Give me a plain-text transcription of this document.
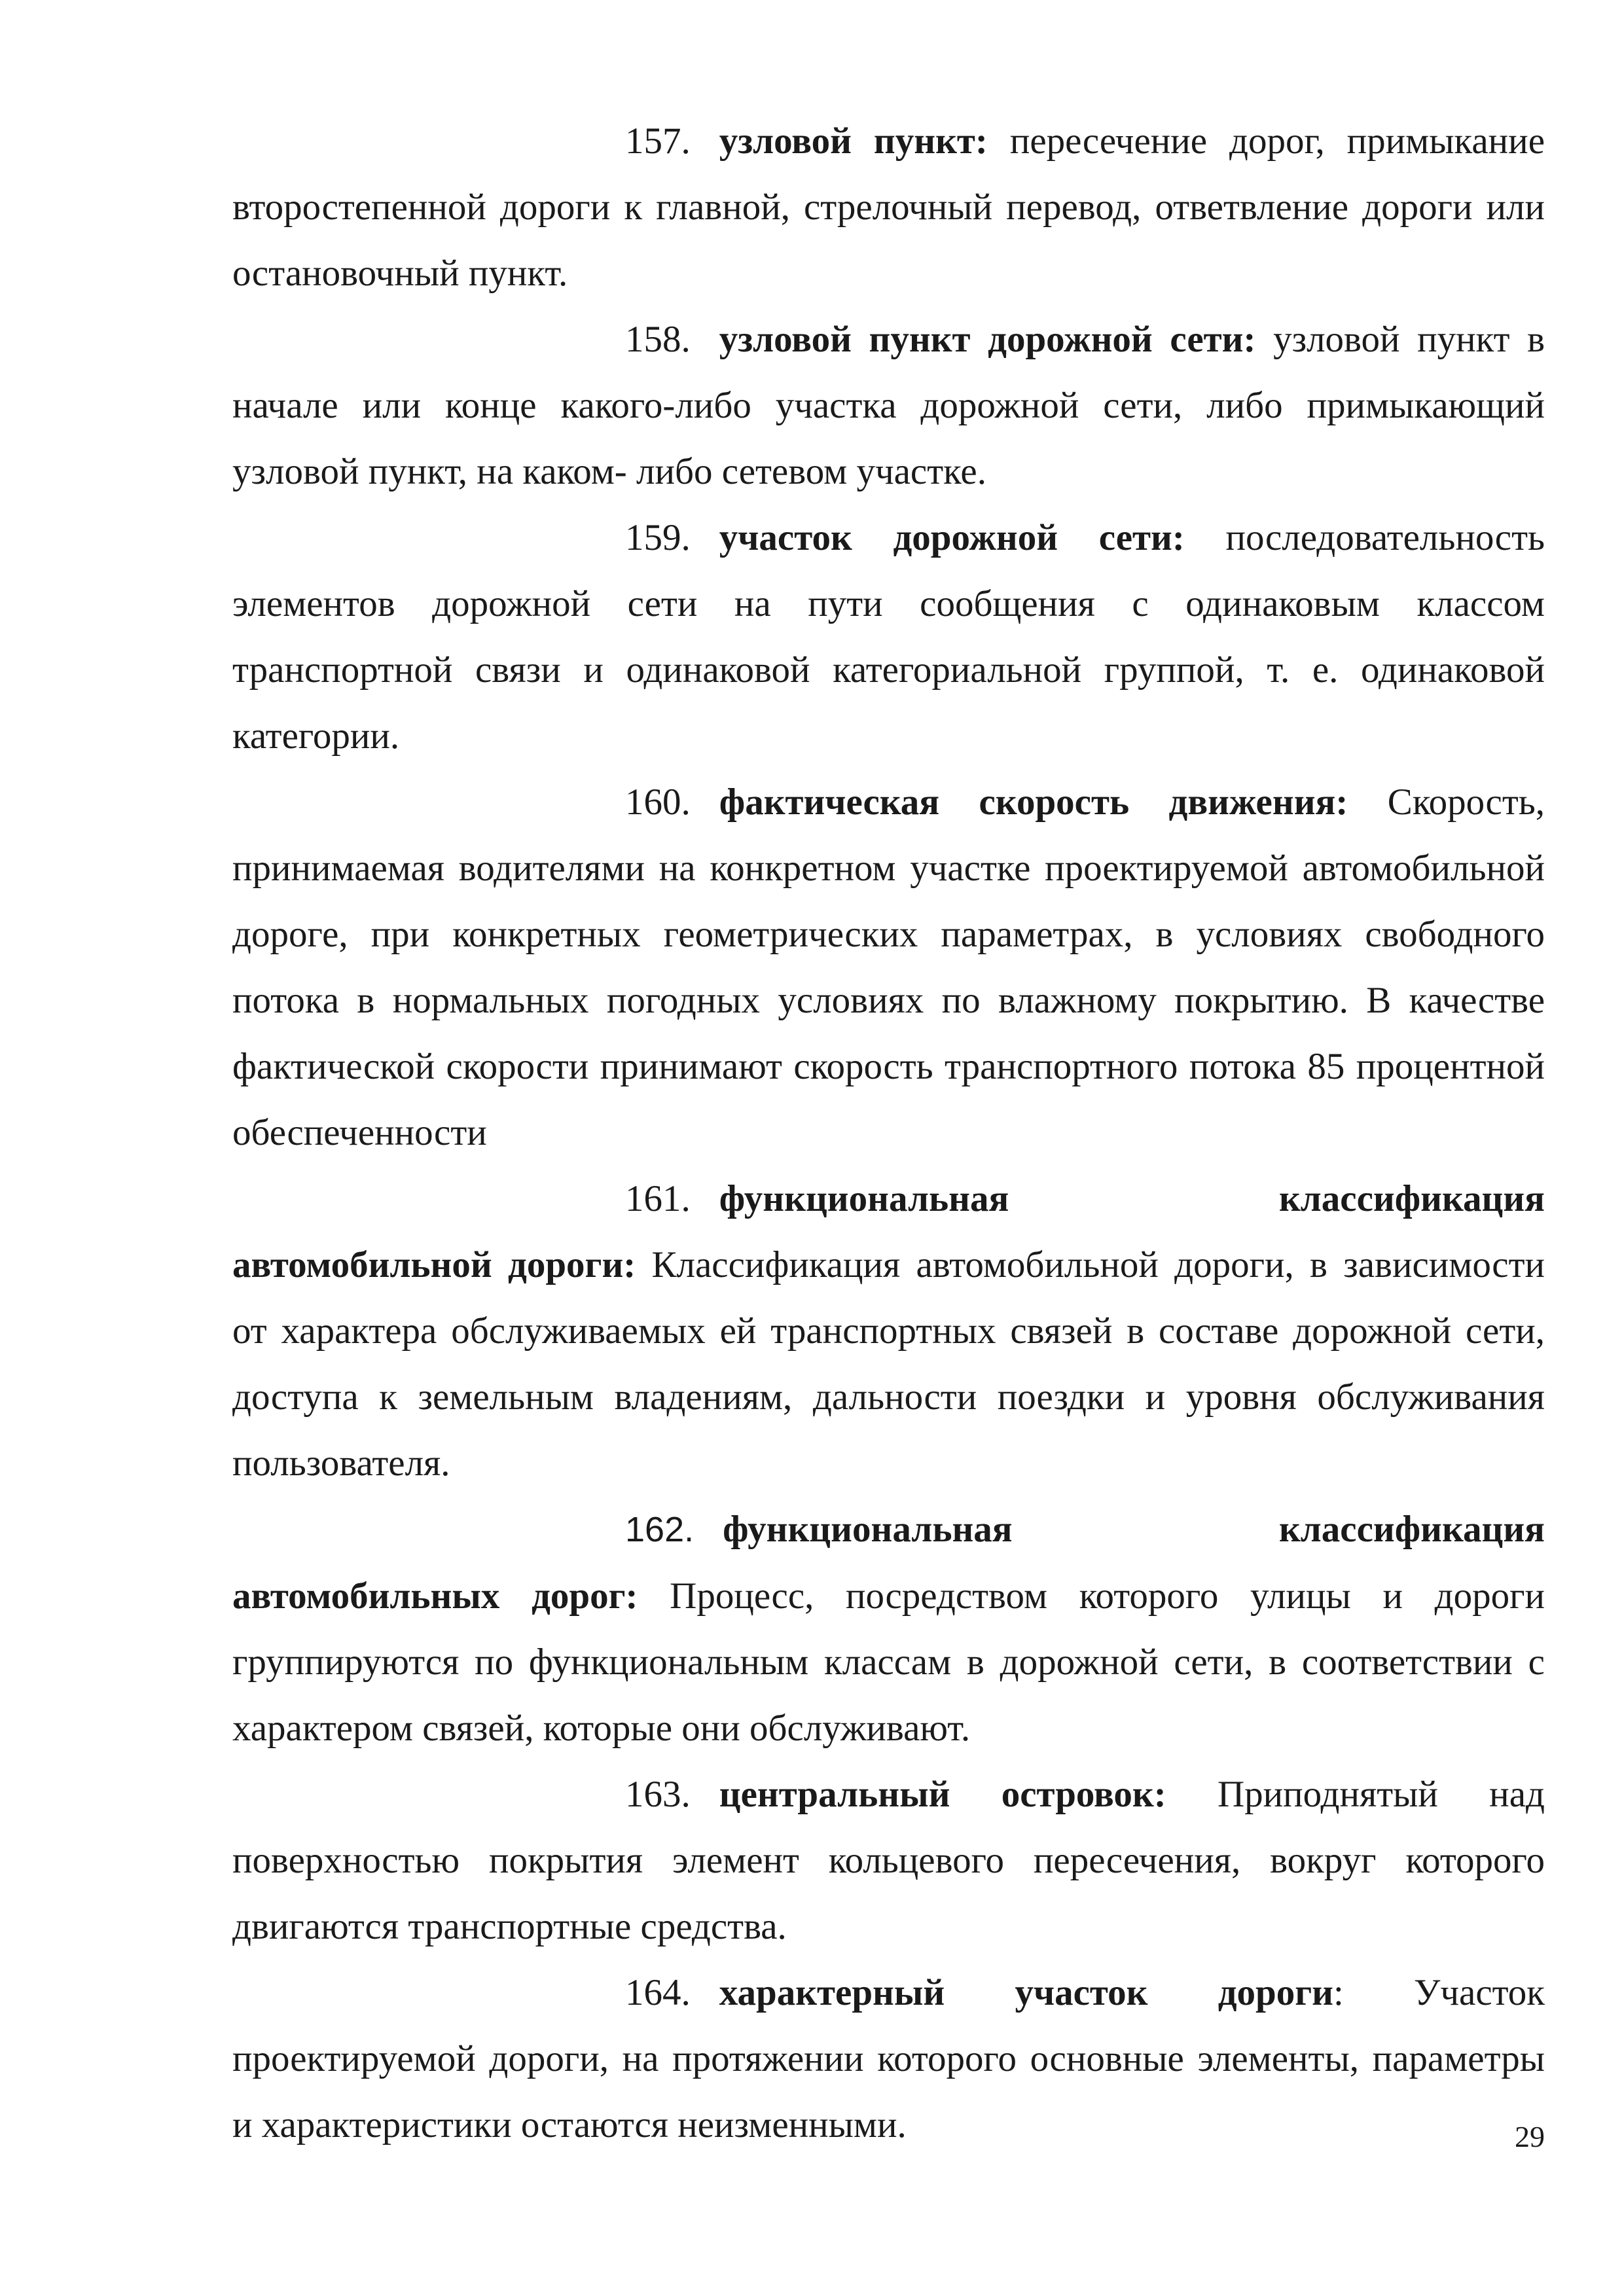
157. узловой пункт: пересечение дорог, примыкание второстепенной дороги к главной, стрелочный перевод, ответвление дороги или остановочный пункт.

158. узловой пункт дорожной сети: узловой пункт в начале или конце какого-либо участка дорожной сети, либо примыкающий узловой пункт, на каком- либо сетевом участке.

159. участок дорожной сети: последовательность элементов дорожной сети на пути сообщения с одинаковым классом транспортной связи и одинаковой категориальной группой, т. е. одинаковой категории.

160. фактическая скорость движения: Скорость, принимаемая водителями на конкретном участке проектируемой автомобильной дороге, при конкретных геометрических параметрах, в условиях свободного потока в нормальных погодных условиях по влажному покрытию. В качестве фактической скорости принимают скорость транспортного потока 85 процентной обеспеченности

161. функциональная классификация автомобильной дороги: Классификация автомобильной дороги, в зависимости от характера обслуживаемых ей транспортных связей в составе дорожной сети, доступа к земельным владениям, дальности поездки и уровня обслуживания пользователя.

162. функциональная классификация автомобильных дорог: Процесс, посредством которого улицы и дороги группируются по функциональным классам в дорожной сети, в соответствии с характером связей, которые они обслуживают.

163. центральный островок: Приподнятый над поверхностью покрытия элемент кольцевого пересечения, вокруг которого двигаются транспортные средства.

164. характерный участок дороги: Участок проектируемой дороги, на протяжении которого основные элементы, параметры и характеристики остаются неизменными.	29
